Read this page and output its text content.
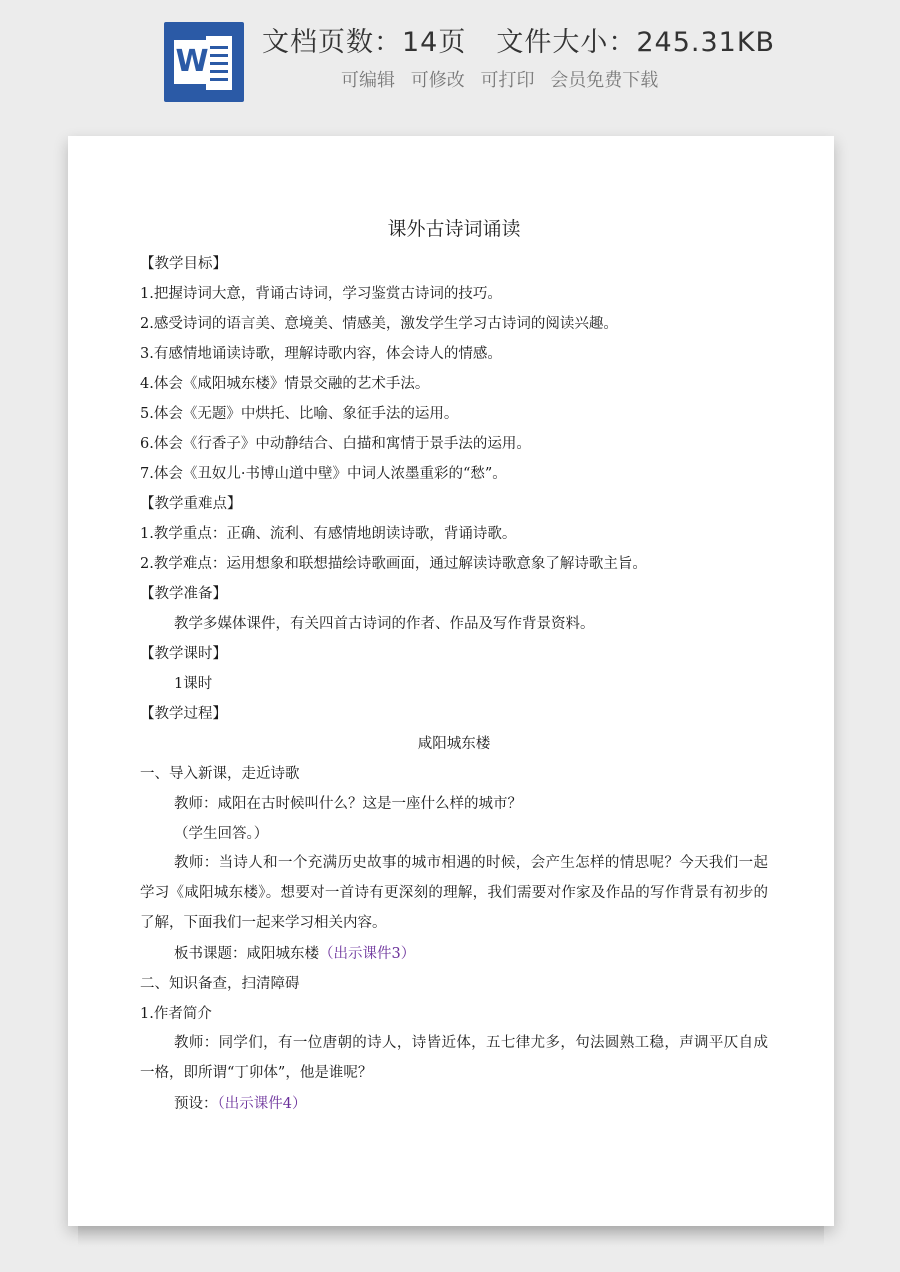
W
文档页数：14页 文件大小：245.31KB
可编辑 可修改 可打印 会员免费下载
课外古诗词诵读
【教学目标】
1.把握诗词大意，背诵古诗词，学习鉴赏古诗词的技巧。
2.感受诗词的语言美、意境美、情感美，激发学生学习古诗词的阅读兴趣。
3.有感情地诵读诗歌，理解诗歌内容，体会诗人的情感。
4.体会《咸阳城东楼》情景交融的艺术手法。
5.体会《无题》中烘托、比喻、象征手法的运用。
6.体会《行香子》中动静结合、白描和寓情于景手法的运用。
7.体会《丑奴儿·书博山道中壁》中词人浓墨重彩的“愁”。
【教学重难点】
1.教学重点：正确、流利、有感情地朗读诗歌，背诵诗歌。
2.教学难点：运用想象和联想描绘诗歌画面，通过解读诗歌意象了解诗歌主旨。
【教学准备】
教学多媒体课件，有关四首古诗词的作者、作品及写作背景资料。
【教学课时】
1课时
【教学过程】
咸阳城东楼
一、导入新课，走近诗歌
教师：咸阳在古时候叫什么？这是一座什么样的城市？
（学生回答。）
教师：当诗人和一个充满历史故事的城市相遇的时候，会产生怎样的情思呢？今天我们一起学习《咸阳城东楼》。想要对一首诗有更深刻的理解，我们需要对作家及作品的写作背景有初步的了解，下面我们一起来学习相关内容。
板书课题：咸阳城东楼（出示课件3）
二、知识备查，扫清障碍
1.作者简介
教师：同学们，有一位唐朝的诗人，诗皆近体，五七律尤多，句法圆熟工稳，声调平仄自成一格，即所谓“丁卯体”，他是谁呢？
预设：（出示课件4）
